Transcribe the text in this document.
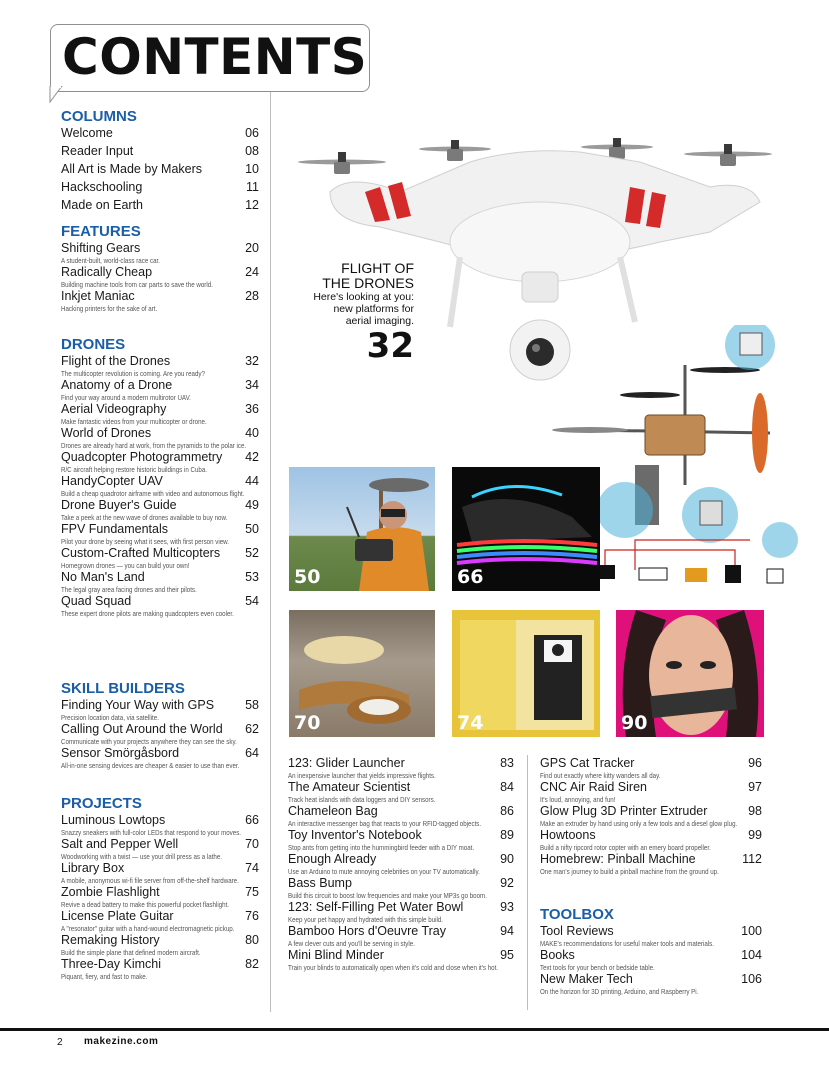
CONTENTS
COLUMNS
Welcome	06
Reader Input	08
All Art is Made by Makers	10
Hackschooling	11
Made on Earth	12
FEATURES
Shifting Gears	20
A student-built, world-class race car.
Radically Cheap	24
Building machine tools from car parts to save the world.
Inkjet Maniac	28
Hacking printers for the sake of art.
DRONES
Flight of the Drones	32
The multicopter revolution is coming. Are you ready?
Anatomy of a Drone	34
Find your way around a modern multirotor UAV.
Aerial Videography	36
Make fantastic videos from your multicopter or drone.
World of Drones	40
Drones are already hard at work, from the pyramids to the polar ice.
Quadcopter Photogrammetry	42
R/C aircraft helping restore historic buildings in Cuba.
HandyCopter UAV	44
Build a cheap quadrotor airframe with video and autonomous flight.
Drone Buyer's Guide	49
Take a peek at the new wave of drones available to buy now.
FPV Fundamentals	50
Pilot your drone by seeing what it sees, with first person view.
Custom-Crafted Multicopters	52
Homegrown drones — you can build your own!
No Man's Land	53
The legal gray area facing drones and their pilots.
Quad Squad	54
These expert drone pilots are making quadcopters even cooler.
SKILL BUILDERS
Finding Your Way with GPS	58
Precision location data, via satellite.
Calling Out Around the World	62
Communicate with your projects anywhere they can see the sky.
Sensor Smörgåsbord	64
All-in-one sensing devices are cheaper & easier to use than ever.
PROJECTS
Luminous Lowtops	66
Snazzy sneakers with full-color LEDs that respond to your moves.
Salt and Pepper Well	70
Woodworking with a twist — use your drill press as a lathe.
Library Box	74
A mobile, anonymous wi-fi file server from off-the-shelf hardware.
Zombie Flashlight	75
Revive a dead battery to make this powerful pocket flashlight.
License Plate Guitar	76
A "resonator" guitar with a hand-wound electromagnetic pickup.
Remaking History	80
Build the simple plane that defined modern aircraft.
Three-Day Kimchi	82
Piquant, fiery, and fast to make.
123: Glider Launcher	83
An inexpensive launcher that yields impressive flights.
The Amateur Scientist	84
Track heat islands with data loggers and DIY sensors.
Chameleon Bag	86
An interactive messenger bag that reacts to your RFID-tagged objects.
Toy Inventor's Notebook	89
Stop ants from getting into the hummingbird feeder with a DIY moat.
Enough Already	90
Use an Arduino to mute annoying celebrities on your TV automatically.
Bass Bump	92
Build this circuit to boost low frequencies and make your MP3s go boom.
123: Self-Filling Pet Water Bowl	93
Keep your pet happy and hydrated with this simple build.
Bamboo Hors d'Oeuvre Tray	94
A few clever cuts and you'll be serving in style.
Mini Blind Minder	95
Train your blinds to automatically open when it's cold and close when it's hot.
GPS Cat Tracker	96
Find out exactly where kitty wanders all day.
CNC Air Raid Siren	97
It's loud, annoying, and fun!
Glow Plug 3D Printer Extruder	98
Make an extruder by hand using only a few tools and a diesel glow plug.
Howtoons	99
Build a nifty ripcord rotor copter with an emery board propeller.
Homebrew: Pinball Machine	112
One man's journey to build a pinball machine from the ground up.
TOOLBOX
Tool Reviews	100
MAKE's recommendations for useful maker tools and materials.
Books	104
Text tools for your bench or bedside table.
New Maker Tech	106
On the horizon for 3D printing, Arduino, and Raspberry Pi.
FLIGHT OF
THE DRONES
Here's looking at you:
new platforms for
aerial imaging.
32
50	66
70	74	90
2 makezine.com
